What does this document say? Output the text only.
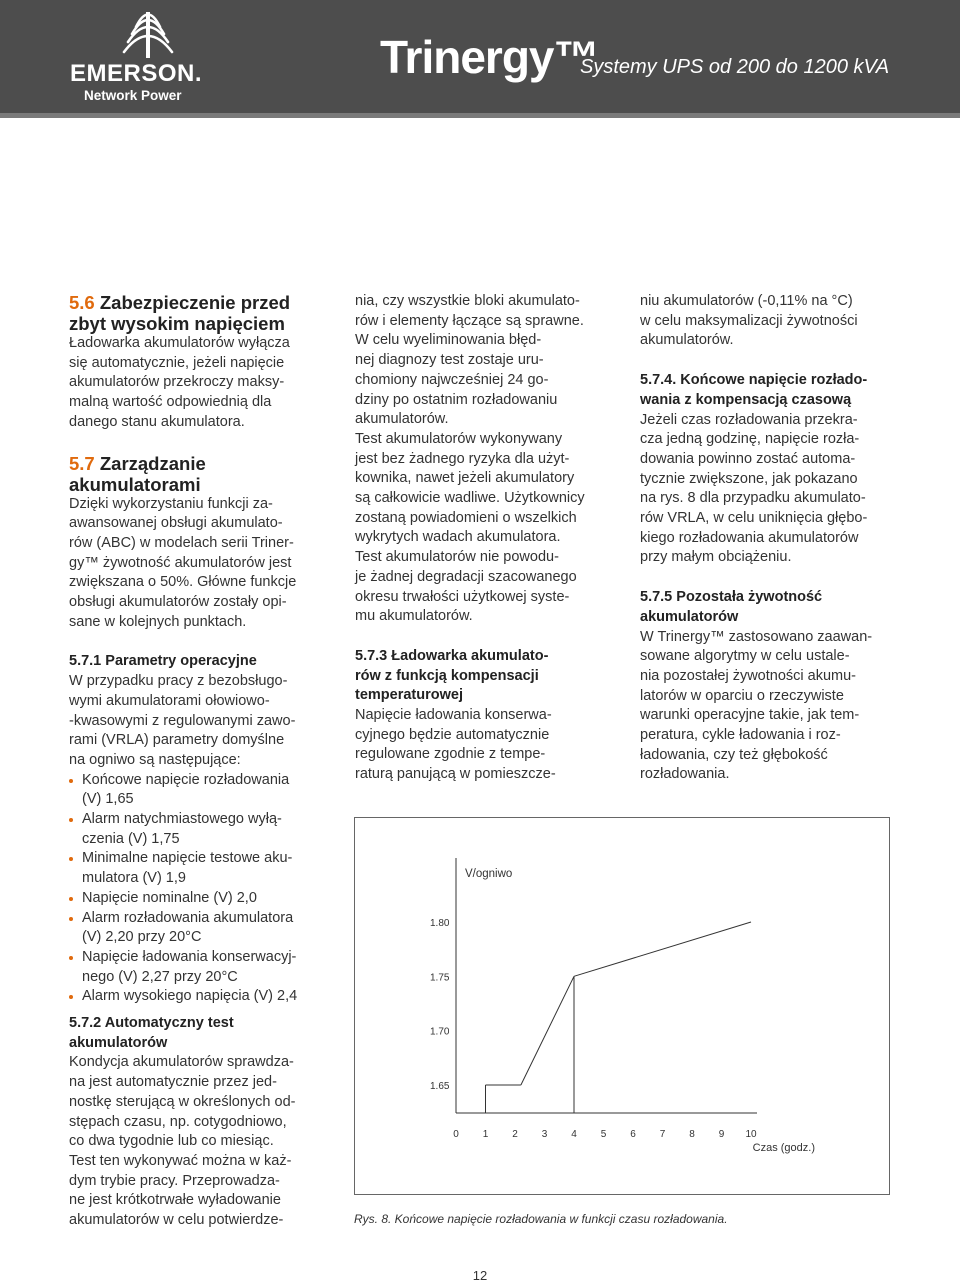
EMERSON.
Network Power
Trinergy™
Systemy UPS od 200 do 1200 kVA

5.6 Zabezpieczenie przed zbyt wysokim napięciem

Ładowarka akumulatorów wyłącza
się automatycznie, jeżeli napięcie
akumulatorów przekroczy maksy-
malną wartość odpowiednią dla
danego stanu akumulatora.

5.7 Zarządzanie akumulatorami

Dzięki wykorzystaniu funkcji za-
awansowanej obsługi akumulato-
rów (ABC) w modelach serii Triner-
gy™ żywotność akumulatorów jest
zwiększana o 50%. Główne funkcje
obsługi akumulatorów zostały opi-
sane w kolejnych punktach.

5.7.1 Parametry operacyjne

W przypadku pracy z bezobsługo-
wymi akumulatorami ołowiowo-
-kwasowymi z regulowanymi zawo-
rami (VRLA) parametry domyślne
na ogniwo są następujące:

Końcowe napięcie rozładowania
(V) 1,65
Alarm natychmiastowego wyłą-
czenia (V) 1,75
Minimalne napięcie testowe aku-
mulatora (V) 1,9
Napięcie nominalne (V) 2,0
Alarm rozładowania akumulatora
(V) 2,20 przy 20°C
Napięcie ładowania konserwacyj-
nego (V) 2,27 przy 20°C
Alarm wysokiego napięcia (V) 2,4

5.7.2 Automatyczny test
akumulatorów

Kondycja akumulatorów sprawdza-
na jest automatycznie przez jed-
nostkę sterującą w określonych od-
stępach czasu, np. cotygodniowo,
co dwa tygodnie lub co miesiąc.
Test ten wykonywać można w każ-
dym trybie pracy. Przeprowadza-
ne jest krótkotrwałe wyładowanie
akumulatorów w celu potwierdze-

nia, czy wszystkie bloki akumulato-
rów i elementy łączące są sprawne.
W celu wyeliminowania błęd-
nej diagnozy test zostaje uru-
chomiony najwcześniej 24 go-
dziny po ostatnim rozładowaniu
akumulatorów.
Test akumulatorów wykonywany
jest bez żadnego ryzyka dla użyt-
kownika, nawet jeżeli akumulatory
są całkowicie wadliwe. Użytkownicy
zostaną powiadomieni o wszelkich
wykrytych wadach akumulatora.
Test akumulatorów nie powodu-
je żadnej degradacji szacowanego
okresu trwałości użytkowej syste-
mu akumulatorów.

5.7.3 Ładowarka akumulato-
rów z funkcją kompensacji
temperaturowej

Napięcie ładowania konserwa-
cyjnego będzie automatycznie
regulowane zgodnie z tempe-
raturą panującą w pomieszcze-

niu akumulatorów (-0,11% na °C)
w celu maksymalizacji żywotności
akumulatorów.

5.7.4. Końcowe napięcie rozłado-
wania z kompensacją czasową

Jeżeli czas rozładowania przekra-
cza jedną godzinę, napięcie rozła-
dowania powinno zostać automa-
tycznie zwiększone, jak pokazano
na rys. 8 dla przypadku akumulato-
rów VRLA, w celu uniknięcia głębo-
kiego rozładowania akumulatorów
przy małym obciążeniu.

5.7.5 Pozostała żywotność
akumulatorów

W Trinergy™ zastosowano zaawan-
sowane algorytmy w celu ustale-
nia pozostałej żywotności akumu-
latorów w oparciu o rzeczywiste
warunki operacyjne takie, jak tem-
peratura, cykle ładowania i roz-
ładowania, czy też głębokość
rozładowania.

V/ogniwo
1.65
1.70
1.75
1.80
0 1 2 3 4 5 6 7 8 9 10
Czas (godz.)
Rys. 8. Końcowe napięcie rozładowania w funkcji czasu rozładowania.
12
